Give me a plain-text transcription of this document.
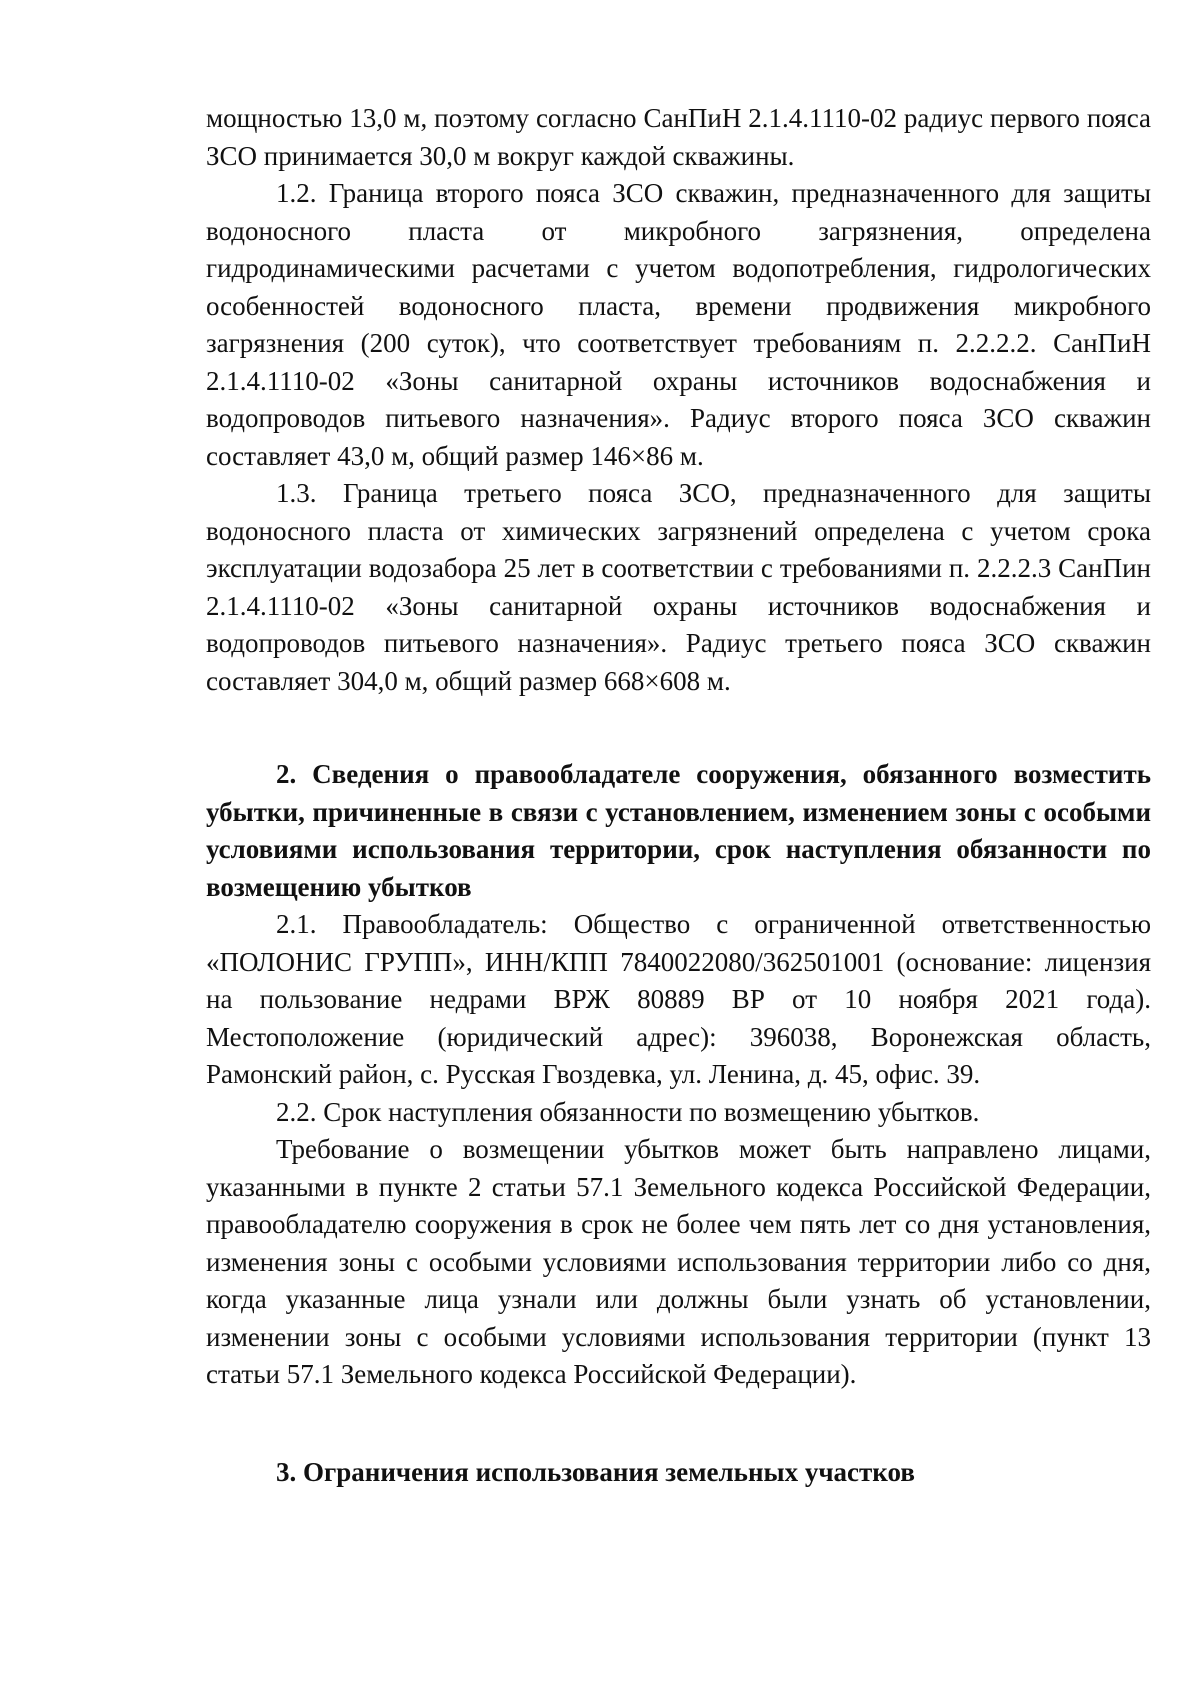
мощностью 13,0 м, поэтому согласно СанПиН 2.1.4.1110-02 радиус первого пояса ЗСО принимается 30,0 м вокруг каждой скважины.

1.2. Граница второго пояса ЗСО скважин, предназначенного для защиты водоносного пласта от микробного загрязнения, определена гидродинамическими расчетами с учетом водопотребления, гидрологических особенностей водоносного пласта, времени продвижения микробного загрязнения (200 суток), что соответствует требованиям п. 2.2.2.2. СанПиН 2.1.4.1110-02 «Зоны санитарной охраны источников водоснабжения и водопроводов питьевого назначения». Радиус второго пояса ЗСО скважин составляет 43,0 м, общий размер 146×86 м.

1.3. Граница третьего пояса ЗСО, предназначенного для защиты водоносного пласта от химических загрязнений определена с учетом срока эксплуатации водозабора 25 лет в соответствии с требованиями п. 2.2.2.3 СанПин 2.1.4.1110-02 «Зоны санитарной охраны источников водоснабжения и водопроводов питьевого назначения». Радиус третьего пояса ЗСО скважин составляет 304,0 м, общий размер 668×608 м.

2. Сведения о правообладателе сооружения, обязанного возместить убытки, причиненные в связи с установлением, изменением зоны с особыми условиями использования территории, срок наступления обязанности по возмещению убытков

2.1. Правообладатель: Общество с ограниченной ответственностью «ПОЛОНИС ГРУПП», ИНН/КПП 7840022080/362501001 (основание: лицензия на пользование недрами ВРЖ 80889 ВР от 10 ноября 2021 года). Местоположение (юридический адрес): 396038, Воронежская область, Рамонский район, с. Русская Гвоздевка, ул. Ленина, д. 45, офис. 39.

2.2. Срок наступления обязанности по возмещению убытков.

Требование о возмещении убытков может быть направлено лицами, указанными в пункте 2 статьи 57.1 Земельного кодекса Российской Федерации, правообладателю сооружения в срок не более чем пять лет со дня установления, изменения зоны с особыми условиями использования территории либо со дня, когда указанные лица узнали или должны были узнать об установлении, изменении зоны с особыми условиями использования территории (пункт 13 статьи 57.1 Земельного кодекса Российской Федерации).

3. Ограничения использования земельных участков
